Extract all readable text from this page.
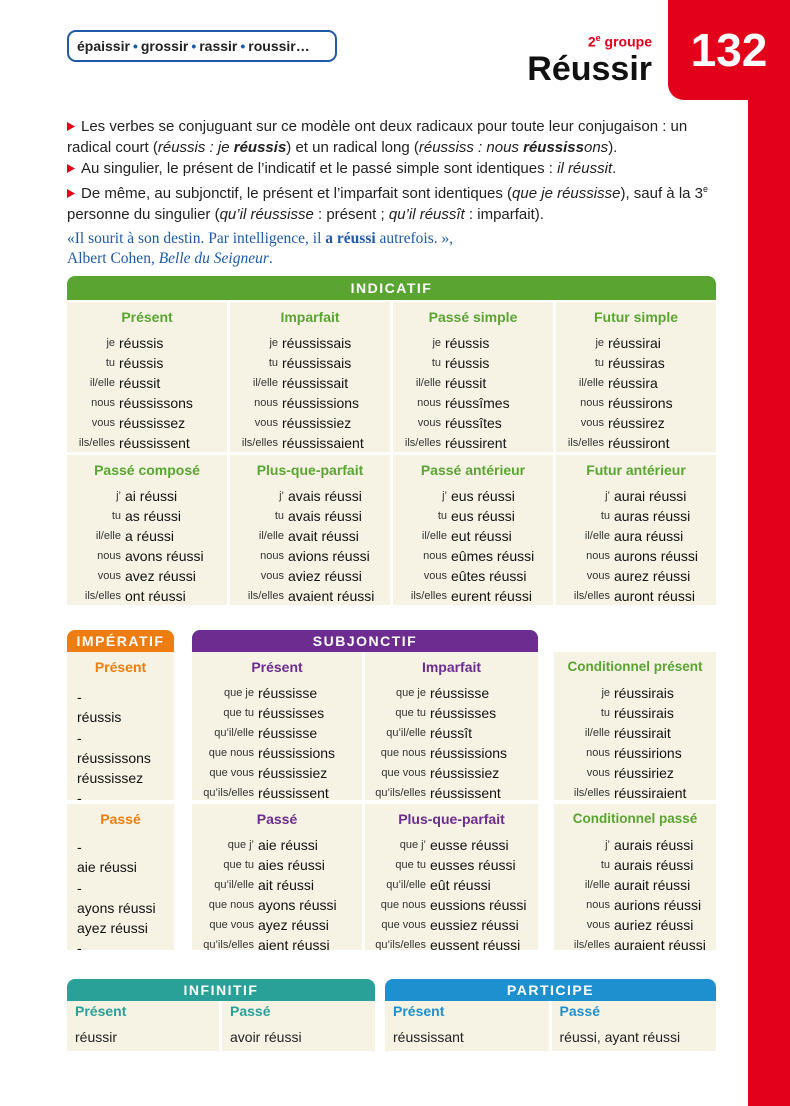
132
épaissir • grossir • rassir • roussir…	2e groupe
Réussir

Les verbes se conjuguant sur ce modèle ont deux radicaux pour toute leur conjugaison : un radical court (réussis : je réussis) et un radical long (réussiss : nous réussissons).

Au singulier, le présent de l’indicatif et le passé simple sont identiques : il réussit.

De même, au subjonctif, le présent et l’imparfait sont identiques (que je réussisse), sauf à la 3e personne du singulier (qu’il réussisse : présent ; qu’il réussît : imparfait).

«Il sourit à son destin. Par intelligence, il a réussi autrefois. »,
Albert Cohen, Belle du Seigneur.
INDICATIF
Présent
je réussis
tu réussis
il/elle réussit
nous réussissons
vous réussissez
ils/elles réussissent
Imparfait
je réussissais
tu réussissais
il/elle réussissait
nous réussissions
vous réussissiez
ils/elles réussissaient
Passé simple
je réussis
tu réussis
il/elle réussit
nous réussîmes
vous réussîtes
ils/elles réussirent
Futur simple
je réussirai
tu réussiras
il/elle réussira
nous réussirons
vous réussirez
ils/elles réussiront
Passé composé
j’ ai réussi
tu as réussi
il/elle a réussi
nous avons réussi
vous avez réussi
ils/elles ont réussi
Plus-que-parfait
j’ avais réussi
tu avais réussi
il/elle avait réussi
nous avions réussi
vous aviez réussi
ils/elles avaient réussi
Passé antérieur
j’ eus réussi
tu eus réussi
il/elle eut réussi
nous eûmes réussi
vous eûtes réussi
ils/elles eurent réussi
Futur antérieur
j’ aurai réussi
tu auras réussi
il/elle aura réussi
nous aurons réussi
vous aurez réussi
ils/elles auront réussi
IMPÉRATIF
Présent
-
réussis
-
réussissons
réussissez
-
Passé
-
aie réussi
-
ayons réussi
ayez réussi
-
SUBJONCTIF
Présent
que je réussisse
que tu réussisses
qu’il/elle réussisse
que nous réussissions
que vous réussissiez
qu’ils/elles réussissent
Imparfait
que je réussisse
que tu réussisses
qu’il/elle réussît
que nous réussissions
que vous réussissiez
qu’ils/elles réussissent
Passé
que j’ aie réussi
que tu aies réussi
qu’il/elle ait réussi
que nous ayons réussi
que vous ayez réussi
qu’ils/elles aient réussi
Plus-que-parfait
que j’ eusse réussi
que tu eusses réussi
qu’il/elle eût réussi
que nous eussions réussi
que vous eussiez réussi
qu’ils/elles eussent réussi
Conditionnel présent
je réussirais
tu réussirais
il/elle réussirait
nous réussirions
vous réussiriez
ils/elles réussiraient
Conditionnel passé
j’ aurais réussi
tu aurais réussi
il/elle aurait réussi
nous aurions réussi
vous auriez réussi
ils/elles auraient réussi
INFINITIF
Présent
réussir
Passé
avoir réussi
PARTICIPE
Présent
réussissant
Passé
réussi, ayant réussi
